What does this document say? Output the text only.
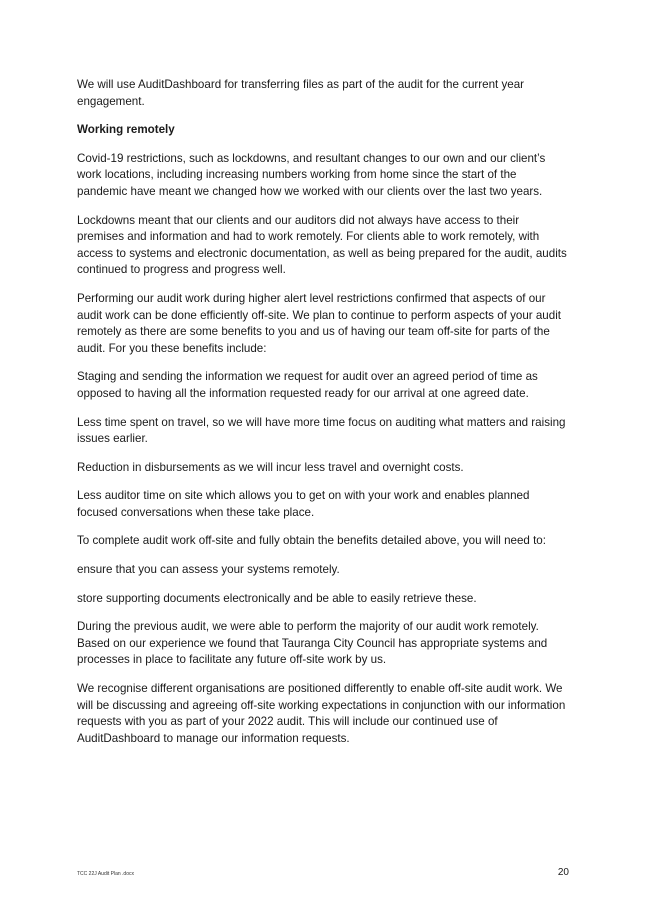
We will use AuditDashboard for transferring files as part of the audit for the current year engagement.

Working remotely

Covid-19 restrictions, such as lockdowns, and resultant changes to our own and our client’s work locations, including increasing numbers working from home since the start of the pandemic have meant we changed how we worked with our clients over the last two years.

Lockdowns meant that our clients and our auditors did not always have access to their premises and information and had to work remotely. For clients able to work remotely, with access to systems and electronic documentation, as well as being prepared for the audit, audits continued to progress and progress well.

Performing our audit work during higher alert level restrictions confirmed that aspects of our audit work can be done efficiently off-site. We plan to continue to perform aspects of your audit remotely as there are some benefits to you and us of having our team off-site for parts of the audit. For you these benefits include:

Staging and sending the information we request for audit over an agreed period of time as opposed to having all the information requested ready for our arrival at one agreed date.

Less time spent on travel, so we will have more time focus on auditing what matters and raising issues earlier.

Reduction in disbursements as we will incur less travel and overnight costs.

Less auditor time on site which allows you to get on with your work and enables planned focused conversations when these take place.

To complete audit work off-site and fully obtain the benefits detailed above, you will need to:

ensure that you can assess your systems remotely.

store supporting documents electronically and be able to easily retrieve these.

During the previous audit, we were able to perform the majority of our audit work remotely. Based on our experience we found that Tauranga City Council has appropriate systems and processes in place to facilitate any future off-site work by us.

We recognise different organisations are positioned differently to enable off-site audit work. We will be discussing and agreeing off-site working expectations in conjunction with our information requests with you as part of your 2022 audit. This will include our continued use of AuditDashboard to manage our information requests.

TCC 22J Audit Plan .docx	20
